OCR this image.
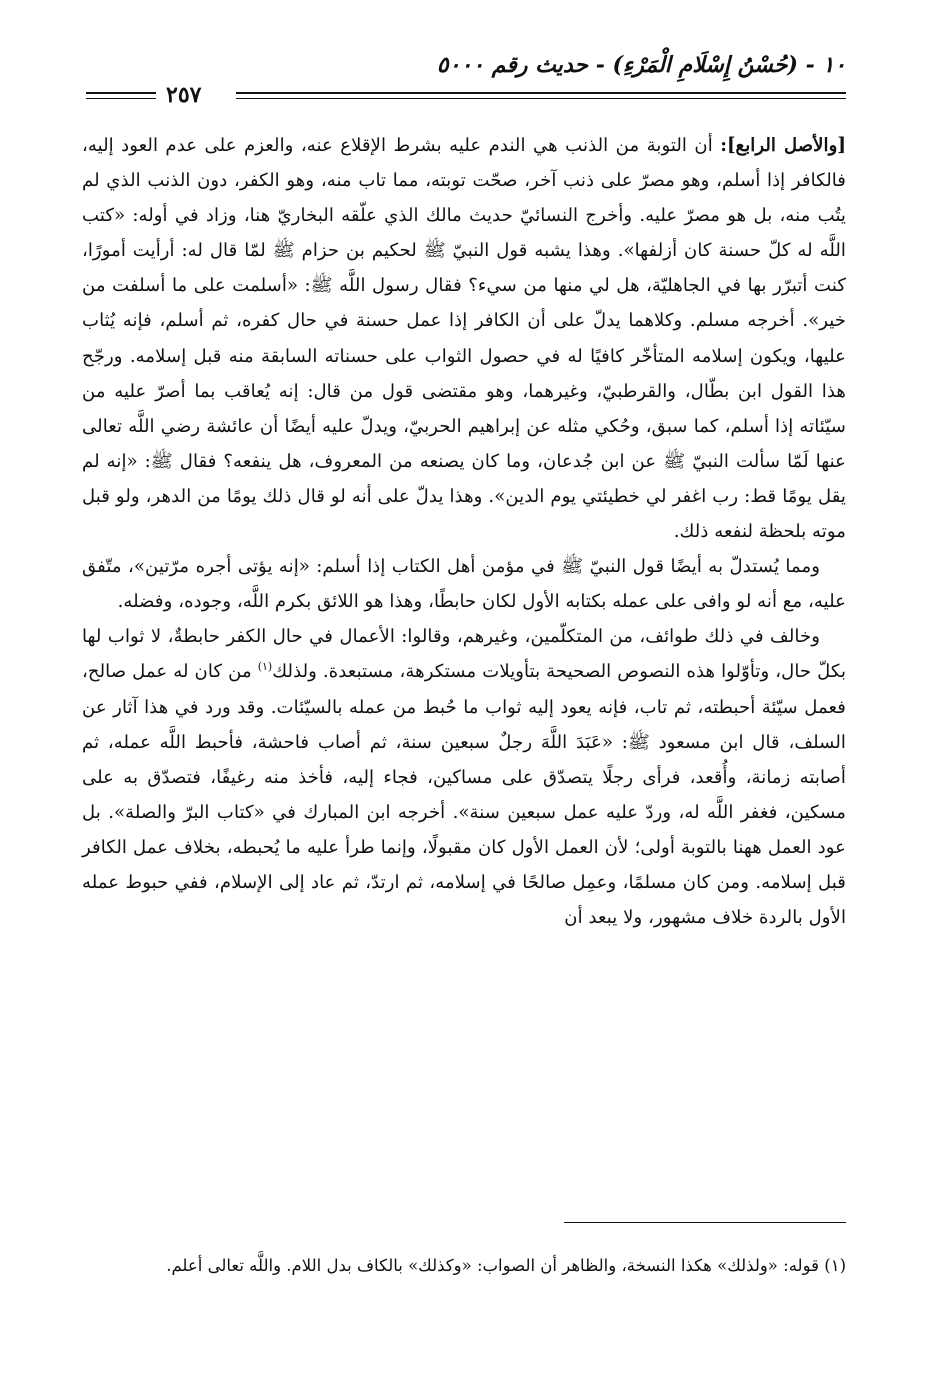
١٠ - (حُسْنُ إِسْلَامِ الْمَرْءِ) - حديث رقم ٥٠٠٠
٢٥٧

[والأصل الرابع]: أن التوبة من الذنب هي الندم عليه بشرط الإقلاع عنه، والعزم على عدم العود إليه، فالكافر إذا أسلم، وهو مصرّ على ذنب آخر، صحّت توبته، مما تاب منه، وهو الكفر، دون الذنب الذي لم يتُب منه، بل هو مصرّ عليه. وأخرج النسائيّ حديث مالك الذي علّقه البخاريّ هنا، وزاد في أوله: «كتب اللَّه له كلّ حسنة كان أزلفها». وهذا يشبه قول النبيّ ﷺ لحكيم بن حزام ﷺ لمّا قال له: أرأيت أمورًا، كنت أتبرّر بها في الجاهليّة، هل لي منها من سيء؟ فقال رسول اللَّه ﷺ: «أسلمت على ما أسلفت من خير». أخرجه مسلم. وكلاهما يدلّ على أن الكافر إذا عمل حسنة في حال كفره، ثم أسلم، فإنه يُثاب عليها، ويكون إسلامه المتأخّر كافيًا له في حصول الثواب على حسناته السابقة منه قبل إسلامه. ورجّح هذا القول ابن بطّال، والقرطبيّ، وغيرهما، وهو مقتضى قول من قال: إنه يُعاقب بما أصرّ عليه من سيّئاته إذا أسلم، كما سبق، وحُكي مثله عن إبراهيم الحربيّ، ويدلّ عليه أيضًا أن عائشة رضي اللَّه تعالى عنها لَمّا سألت النبيّ ﷺ عن ابن جُدعان، وما كان يصنعه من المعروف، هل ينفعه؟ فقال ﷺ: «إنه لم يقل يومًا قط: رب اغفر لي خطيئتي يوم الدين». وهذا يدلّ على أنه لو قال ذلك يومًا من الدهر، ولو قبل موته بلحظة لنفعه ذلك.

ومما يُستدلّ به أيضًا قول النبيّ ﷺ في مؤمن أهل الكتاب إذا أسلم: «إنه يؤتى أجره مرّتين»، متّفق عليه، مع أنه لو وافى على عمله بكتابه الأول لكان حابطًا، وهذا هو اللائق بكرم اللَّه، وجوده، وفضله.

وخالف في ذلك طوائف، من المتكلّمين، وغيرهم، وقالوا: الأعمال في حال الكفر حابطةٌ، لا ثواب لها بكلّ حال، وتأوّلوا هذه النصوص الصحيحة بتأويلات مستكرهة، مستبعدة. ولذلك$^{(١)}$ من كان له عمل صالح، فعمل سيّئة أحبطته، ثم تاب، فإنه يعود إليه ثواب ما حُبط من عمله بالسيّئات. وقد ورد في هذا آثار عن السلف، قال ابن مسعود ﷺ: «عَبَدَ اللَّهَ رجلٌ سبعين سنة، ثم أصاب فاحشة، فأحبط اللَّه عمله، ثم أصابته زمانة، وأُقعد، فرأى رجلًا يتصدّق على مساكين، فجاء إليه، فأخذ منه رغيفًا، فتصدّق به على مسكين، فغفر اللَّه له، وردّ عليه عمل سبعين سنة». أخرجه ابن المبارك في «كتاب البرّ والصلة». بل عود العمل ههنا بالتوبة أولى؛ لأن العمل الأول كان مقبولًا، وإنما طرأ عليه ما يُحبطه، بخلاف عمل الكافر قبل إسلامه. ومن كان مسلمًا، وعمِل صالحًا في إسلامه، ثم ارتدّ، ثم عاد إلى الإسلام، ففي حبوط عمله الأول بالردة خلاف مشهور، ولا يبعد أن

(١) قوله: «ولذلك» هكذا النسخة، والظاهر أن الصواب: «وكذلك» بالكاف بدل اللام. واللَّه تعالى أعلم.
